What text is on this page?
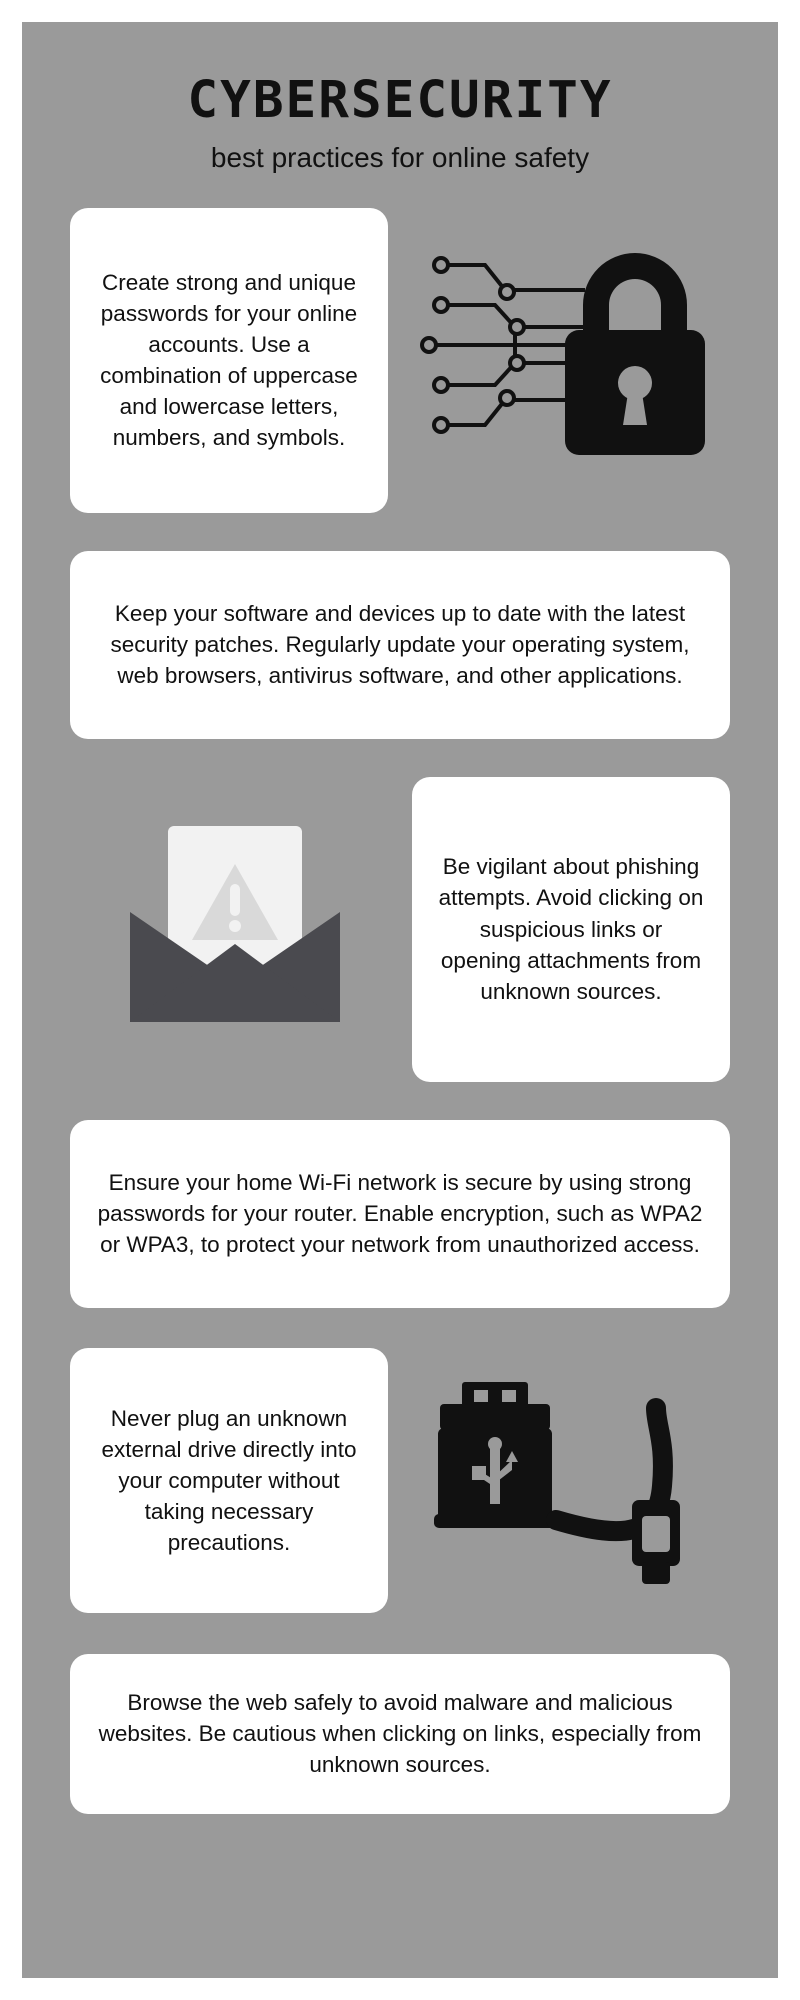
CYBERSECURITY
best practices for online safety
Create strong and unique passwords for your online accounts. Use a combination of uppercase and lowercase letters, numbers, and symbols.
Keep your software and devices up to date with the latest security patches. Regularly update your operating system, web browsers, antivirus software, and other applications.
Be vigilant about phishing attempts. Avoid clicking on suspicious links or opening attachments from unknown sources.
Ensure your home Wi-Fi network is secure by using strong passwords for your router. Enable encryption, such as WPA2 or WPA3, to protect your network from unauthorized access.
Never plug an unknown external drive directly into your computer without taking necessary precautions.
Browse the web safely to avoid malware and malicious websites. Be cautious when clicking on links, especially from unknown sources.
